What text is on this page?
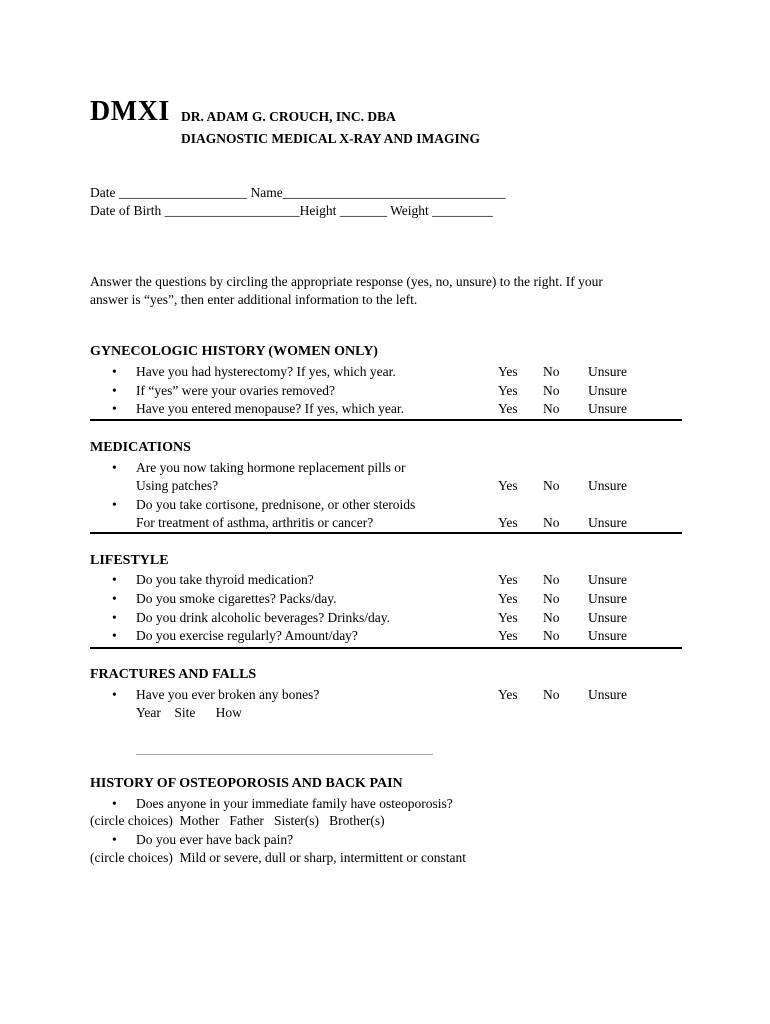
DMXI DR. ADAM G. CROUCH, INC. DBA
DIAGNOSTIC MEDICAL X-RAY AND IMAGING
Date ___________________ Name_________________________________
Date of Birth ____________________Height _______ Weight _________
Answer the questions by circling the appropriate response (yes, no, unsure) to the right. If your
answer is “yes”, then enter additional information to the left.
GYNECOLOGIC HISTORY (WOMEN ONLY)
• Have you had hysterectomy? If yes, which year.	Yes No Unsure
• If “yes” were your ovaries removed?	Yes No Unsure
• Have you entered menopause? If yes, which year.	Yes No Unsure
MEDICATIONS
• Are you now taking hormone replacement pills or
Using patches?	Yes No Unsure
• Do you take cortisone, prednisone, or other steroids
For treatment of asthma, arthritis or cancer?	Yes No Unsure
LIFESTYLE
• Do you take thyroid medication?	Yes No Unsure
• Do you smoke cigarettes? Packs/day.	Yes No Unsure
• Do you drink alcoholic beverages? Drinks/day.	Yes No Unsure
• Do you exercise regularly? Amount/day?	Yes No Unsure
FRACTURES AND FALLS
• Have you ever broken any bones?	Yes No Unsure
Year    Site      How
____________________________________________
HISTORY OF OSTEOPOROSIS AND BACK PAIN
• Does anyone in your immediate family have osteoporosis?
(circle choices)  Mother   Father   Sister(s)   Brother(s)
• Do you ever have back pain?
(circle choices)  Mild or severe, dull or sharp, intermittent or constant
